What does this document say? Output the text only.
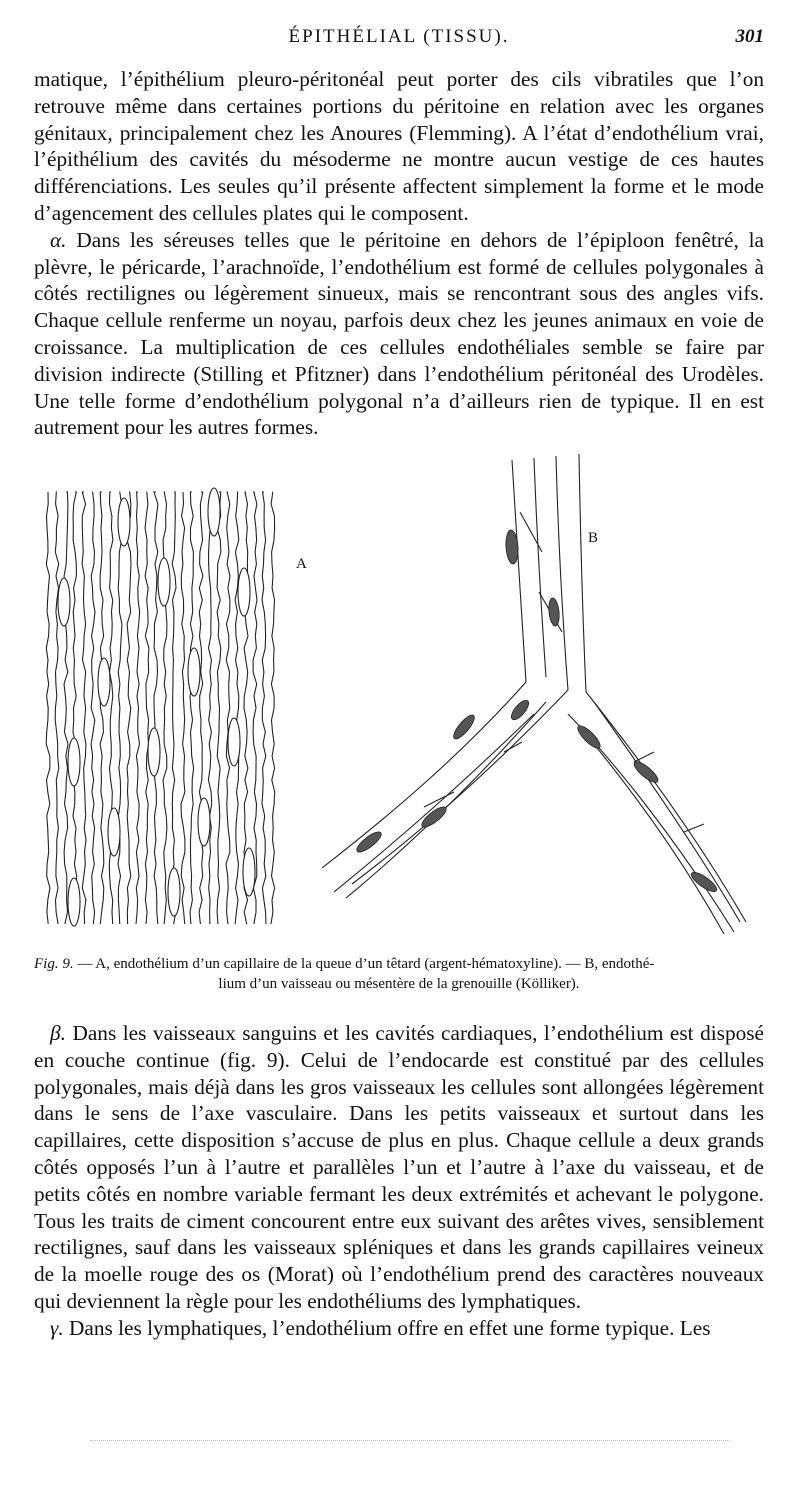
ÉPITHÉLIAL (TISSU).	301

matique, l’épithélium pleuro-péritonéal peut porter des cils vibratiles que l’on retrouve même dans certaines portions du péritoine en relation avec les organes génitaux, principalement chez les Anoures (Flemming). A l’état d’endothélium vrai, l’épithélium des cavités du mésoderme ne montre aucun vestige de ces hautes différenciations. Les seules qu’il présente affectent simplement la forme et le mode d’agencement des cellules plates qui le composent.

α. Dans les séreuses telles que le péritoine en dehors de l’épiploon fenêtré, la plèvre, le péricarde, l’arachnoïde, l’endothélium est formé de cellules polygonales à côtés rectilignes ou légèrement sinueux, mais se rencontrant sous des angles vifs. Chaque cellule renferme un noyau, parfois deux chez les jeunes animaux en voie de croissance. La multiplication de ces cellules endothéliales semble se faire par division indirecte (Stilling et Pfitzner) dans l’endothélium péritonéal des Urodèles. Une telle forme d’endothélium polygonal n’a d’ailleurs rien de typique. Il en est autrement pour les autres formes.

A
B
Fig. 9. — A, endothélium d’un capillaire de la queue d’un têtard (argent-hématoxyline). — B, endothé-
lium d’un vaisseau ou mésentère de la grenouille (Kölliker).

β. Dans les vaisseaux sanguins et les cavités cardiaques, l’endothélium est disposé en couche continue (fig. 9). Celui de l’endocarde est constitué par des cellules polygonales, mais déjà dans les gros vaisseaux les cellules sont allongées légèrement dans le sens de l’axe vasculaire. Dans les petits vaisseaux et surtout dans les capillaires, cette disposition s’accuse de plus en plus. Chaque cellule a deux grands côtés opposés l’un à l’autre et parallèles l’un et l’autre à l’axe du vaisseau, et de petits côtés en nombre variable fermant les deux extrémités et achevant le polygone. Tous les traits de ciment concourent entre eux suivant des arêtes vives, sensiblement rectilignes, sauf dans les vaisseaux spléniques et dans les grands capillaires veineux de la moelle rouge des os (Morat) où l’endothélium prend des caractères nouveaux qui deviennent la règle pour les endothéliums des lymphatiques.

γ. Dans les lymphatiques, l’endothélium offre en effet une forme typique. Les
